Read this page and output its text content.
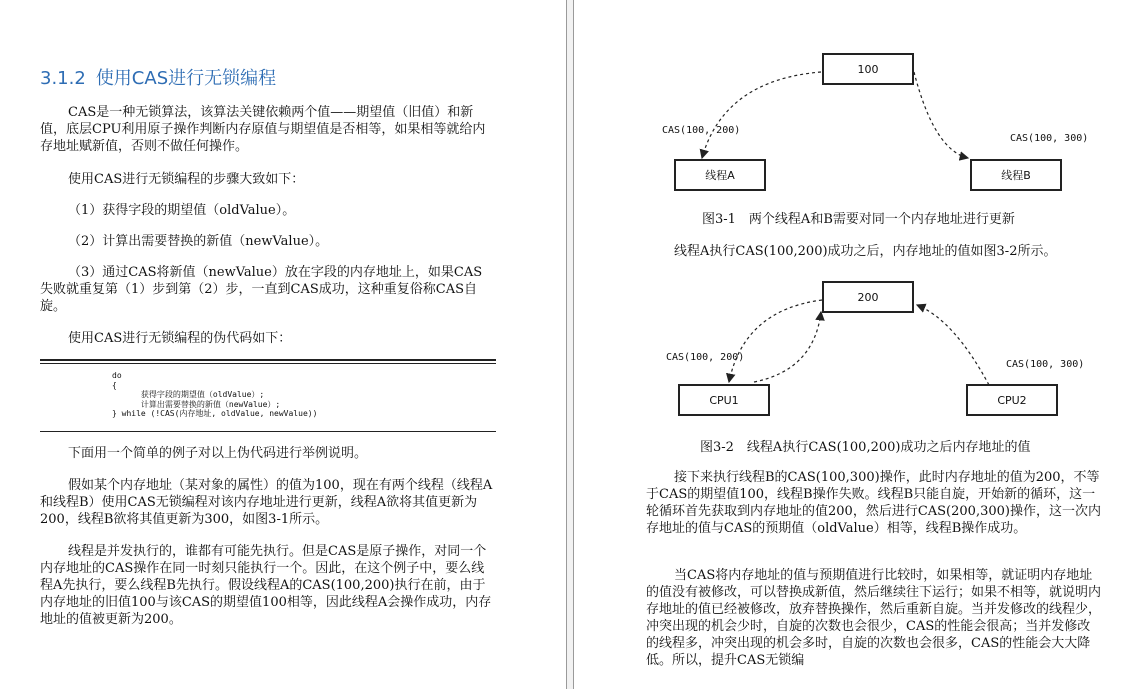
3.1.2 使用CAS进行无锁编程

CAS是一种无锁算法，该算法关键依赖两个值——期望值（旧值）和新值，底层CPU利用原子操作判断内存原值与期望值是否相等，如果相等就给内存地址赋新值，否则不做任何操作。

使用CAS进行无锁编程的步骤大致如下：

（1）获得字段的期望值（oldValue）。

（2）计算出需要替换的新值（newValue）。

（3）通过CAS将新值（newValue）放在字段的内存地址上，如果CAS失败就重复第（1）步到第（2）步，一直到CAS成功，这种重复俗称CAS自旋。

使用CAS进行无锁编程的伪代码如下：

do
{
获得字段的期望值（oldValue）;
计算出需要替换的新值（newValue）;
} while (!CAS(内存地址, oldValue, newValue))

下面用一个简单的例子对以上伪代码进行举例说明。

假如某个内存地址（某对象的属性）的值为100，现在有两个线程（线程A和线程B）使用CAS无锁编程对该内存地址进行更新，线程A欲将其值更新为200，线程B欲将其值更新为300，如图3-1所示。

线程是并发执行的，谁都有可能先执行。但是CAS是原子操作，对同一个内存地址的CAS操作在同一时刻只能执行一个。因此，在这个例子中，要么线程A先执行，要么线程B先执行。假设线程A的CAS(100,200)执行在前，由于内存地址的旧值100与该CAS的期望值100相等，因此线程A会操作成功，内存地址的值被更新为200。

100
线程A	线程B
CAS(100, 200)
CAS(100, 300)
图3-1　两个线程A和B需要对同一个内存地址进行更新
线程A执行CAS(100,200)成功之后，内存地址的值如图3-2所示。
200
CPU1	CPU2
CAS(100, 200)
CAS(100, 300)
图3-2　线程A执行CAS(100,200)成功之后内存地址的值

接下来执行线程B的CAS(100,300)操作，此时内存地址的值为200，不等于CAS的期望值100，线程B操作失败。线程B只能自旋，开始新的循环，这一轮循环首先获取到内存地址的值200，然后进行CAS(200,300)操作，这一次内存地址的值与CAS的预期值（oldValue）相等，线程B操作成功。

当CAS将内存地址的值与预期值进行比较时，如果相等，就证明内存地址的值没有被修改，可以替换成新值，然后继续往下运行；如果不相等，就说明内存地址的值已经被修改，放弃替换操作，然后重新自旋。当并发修改的线程少，冲突出现的机会少时，自旋的次数也会很少，CAS的性能会很高；当并发修改的线程多，冲突出现的机会多时，自旋的次数也会很多，CAS的性能会大大降低。所以，提升CAS无锁编
